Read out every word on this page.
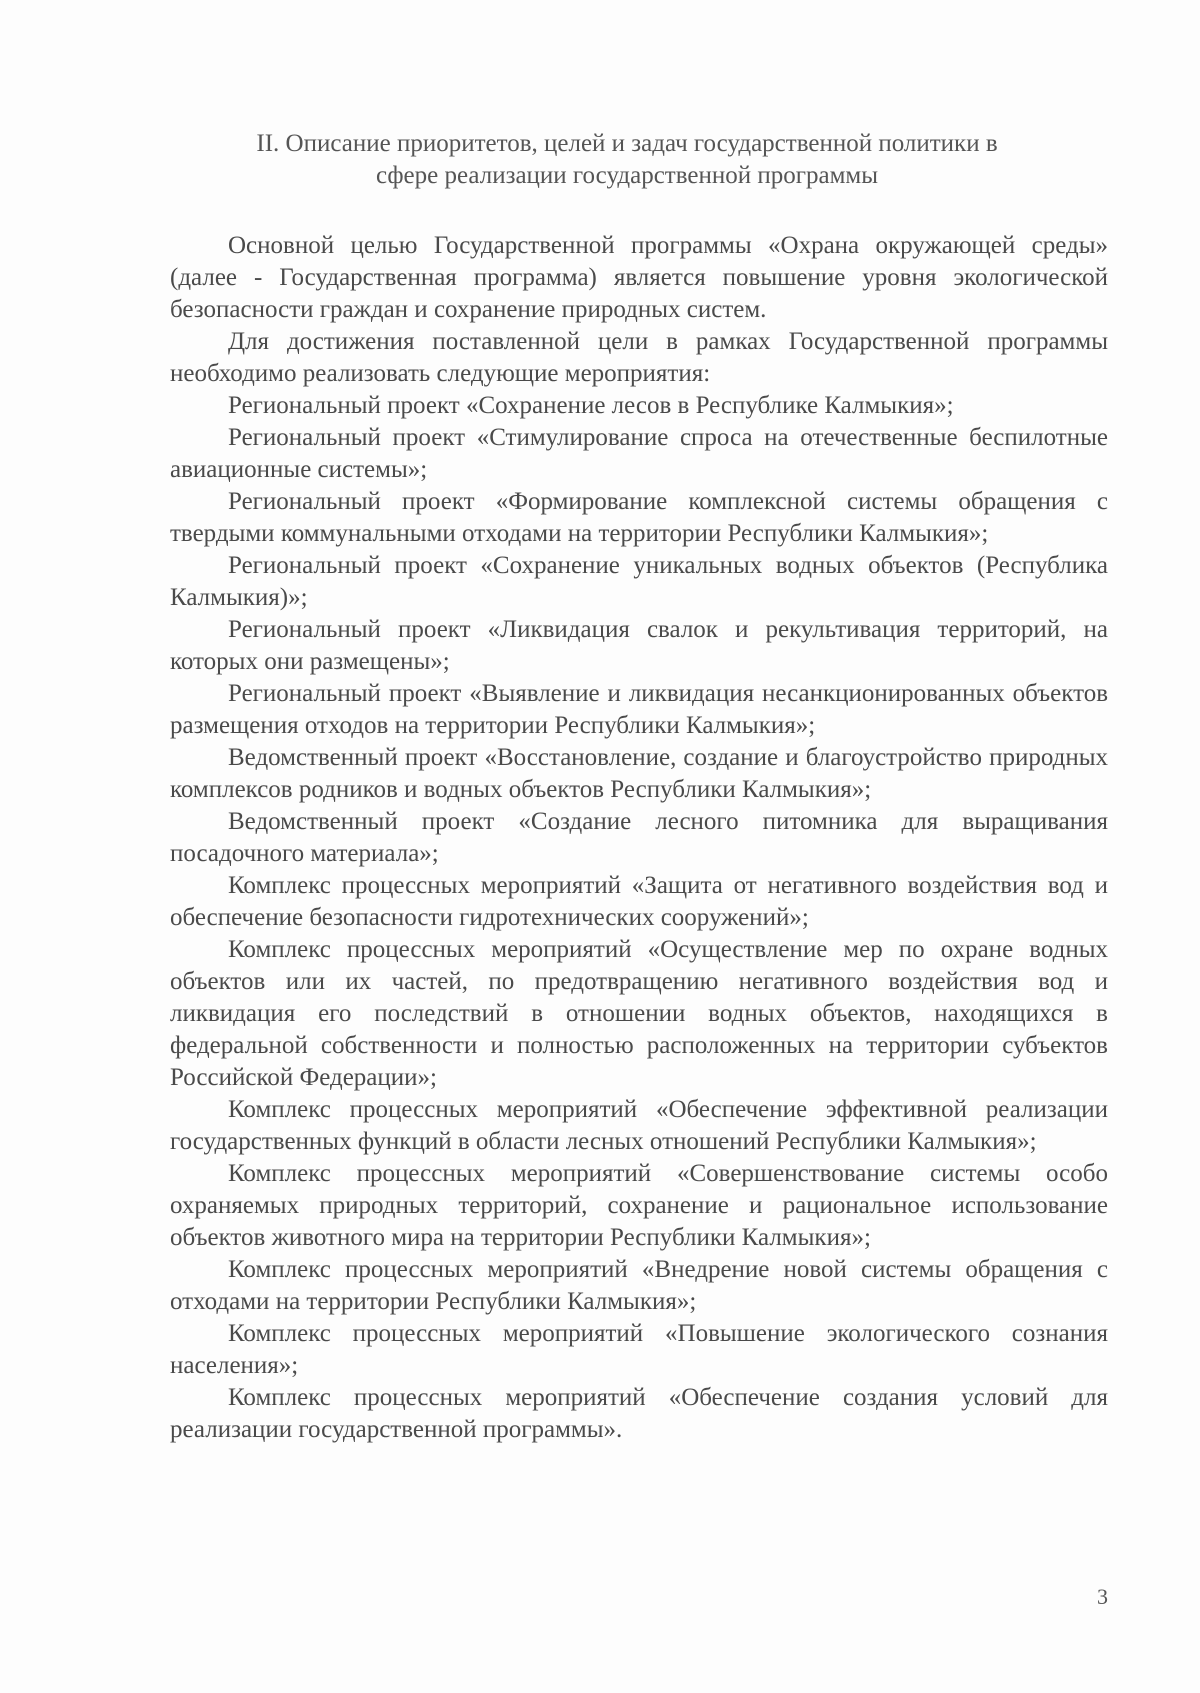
II. Описание приоритетов, целей и задач государственной политики в
сфере реализации государственной программы

Основной целью Государственной программы «Охрана окружающей среды» (далее - Государственная программа) является повышение уровня экологической безопасности граждан и сохранение природных систем.

Для достижения поставленной цели в рамках Государственной программы необходимо реализовать следующие мероприятия:

Региональный проект «Сохранение лесов в Республике Калмыкия»;

Региональный проект «Стимулирование спроса на отечественные беспилотные авиационные системы»;

Региональный проект «Формирование комплексной системы обращения с твердыми коммунальными отходами на территории Республики Калмыкия»;

Региональный проект «Сохранение уникальных водных объектов (Республика Калмыкия)»;

Региональный проект «Ликвидация свалок и рекультивация территорий, на которых они размещены»;

Региональный проект «Выявление и ликвидация несанкционированных объектов размещения отходов на территории Республики Калмыкия»;

Ведомственный проект «Восстановление, создание и благоустройство природных комплексов родников и водных объектов Республики Калмыкия»;

Ведомственный проект «Создание лесного питомника для выращивания посадочного материала»;

Комплекс процессных мероприятий «Защита от негативного воздействия вод и обеспечение безопасности гидротехнических сооружений»;

Комплекс процессных мероприятий «Осуществление мер по охране водных объектов или их частей, по предотвращению негативного воздействия вод и ликвидация его последствий в отношении водных объектов, находящихся в федеральной собственности и полностью расположенных на территории субъектов Российской Федерации»;

Комплекс процессных мероприятий «Обеспечение эффективной реализации государственных функций в области лесных отношений Республики Калмыкия»;

Комплекс процессных мероприятий «Совершенствование системы особо охраняемых природных территорий, сохранение и рациональное использование объектов животного мира на территории Республики Калмыкия»;

Комплекс процессных мероприятий «Внедрение новой системы обращения с отходами на территории Республики Калмыкия»;

Комплекс процессных мероприятий «Повышение экологического сознания населения»;

Комплекс процессных мероприятий «Обеспечение создания условий для реализации государственной программы».

3
